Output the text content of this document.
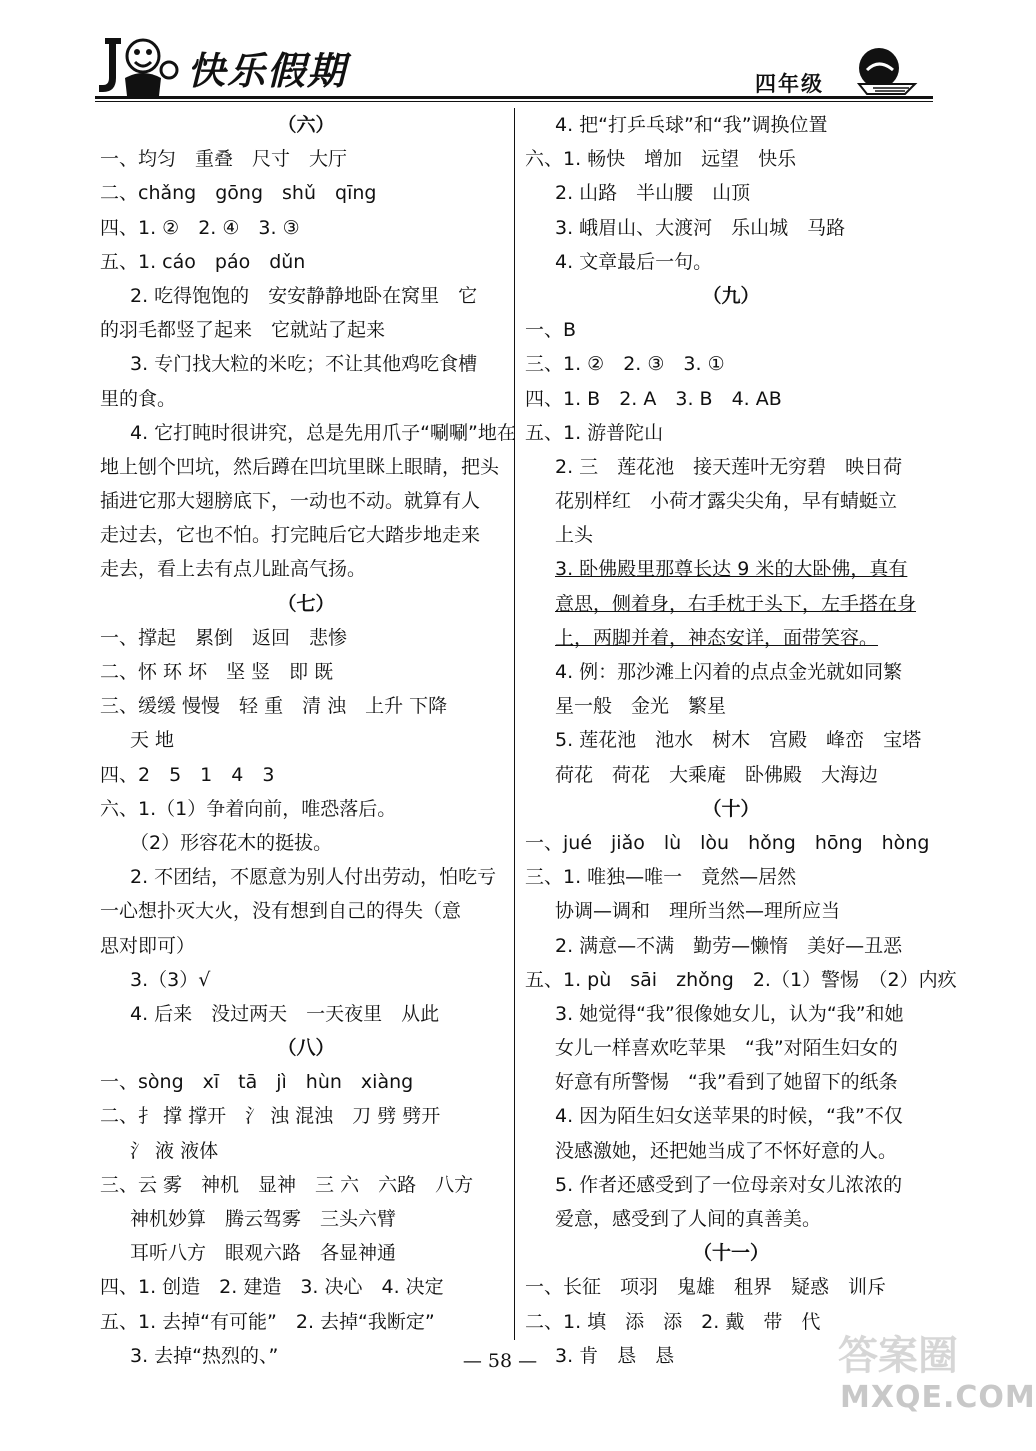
快乐假期	四年级
（六）
一、均匀　重叠　尺寸　大厅
二、chǎng　gōng　shǔ　qīng
四、1. ②　2. ④　3. ③
五、1. cáo　páo　dǔn
2. 吃得饱饱的　安安静静地卧在窝里　它
的羽毛都竖了起来　它就站了起来
3. 专门找大粒的米吃；不让其他鸡吃食槽
里的食。
4. 它打盹时很讲究，总是先用爪子“唰唰”地在
地上刨个凹坑，然后蹲在凹坑里眯上眼睛，把头
插进它那大翅膀底下，一动也不动。就算有人
走过去，它也不怕。打完盹后它大踏步地走来
走去，看上去有点儿趾高气扬。
（七）
一、撑起　累倒　返回　悲惨
二、怀 环 坏　坚 竖　即 既
三、缓缓 慢慢　轻 重　清 浊　上升 下降
天 地
四、2　5　1　4　3
六、1.（1）争着向前，唯恐落后。
（2）形容花木的挺拔。
2. 不团结，不愿意为别人付出劳动，怕吃亏
一心想扑灭大火，没有想到自己的得失（意
思对即可）
3.（3）√
4. 后来　没过两天　一天夜里　从此
（八）
一、sòng　xī　tā　jì　hùn　xiàng
二、扌 撑 撑开　氵 浊 混浊　刀 劈 劈开
氵 液 液体
三、云 雾　神机　显神　三 六　六路　八方
神机妙算　腾云驾雾　三头六臂
耳听八方　眼观六路　各显神通
四、1. 创造　2. 建造　3. 决心　4. 决定
五、1. 去掉“有可能”　2. 去掉“我断定”
3. 去掉“热烈的、”
4. 把“打乒乓球”和“我”调换位置
六、1. 畅快　增加　远望　快乐
2. 山路　半山腰　山顶
3. 峨眉山、大渡河　乐山城　马路
4. 文章最后一句。
（九）
一、B
三、1. ②　2. ③　3. ①
四、1. B　2. A　3. B　4. AB
五、1. 游普陀山
2. 三　莲花池　接天莲叶无穷碧　映日荷
花别样红　小荷才露尖尖角，早有蜻蜓立
上头
3. 卧佛殿里那尊长达 9 米的大卧佛，真有
意思，侧着身，右手枕于头下，左手搭在身
上，两脚并着，神态安详，面带笑容。
4. 例：那沙滩上闪着的点点金光就如同繁
星一般　金光　繁星
5. 莲花池　池水　树木　宫殿　峰峦　宝塔
荷花　荷花　大乘庵　卧佛殿　大海边
（十）
一、jué　jiǎo　lù　lòu　hǒng　hōng　hòng
三、1. 唯独—唯一　竟然—居然
协调—调和　理所当然—理所应当
2. 满意—不满　勤劳—懒惰　美好—丑恶
五、1. pù　sāi　zhǒng　2.（1）警惕　（2）内疚
3. 她觉得“我”很像她女儿，认为“我”和她
女儿一样喜欢吃苹果　“我”对陌生妇女的
好意有所警惕　“我”看到了她留下的纸条
4. 因为陌生妇女送苹果的时候，“我”不仅
没感激她，还把她当成了不怀好意的人。
5. 作者还感受到了一位母亲对女儿浓浓的
爱意，感受到了人间的真善美。
（十一）
一、长征　项羽　鬼雄　租界　疑惑　训斥
二、1. 填　添　添　2. 戴　带　代
3. 肯　恳　恳
— 58 —	答案圈
MXQE.COM
